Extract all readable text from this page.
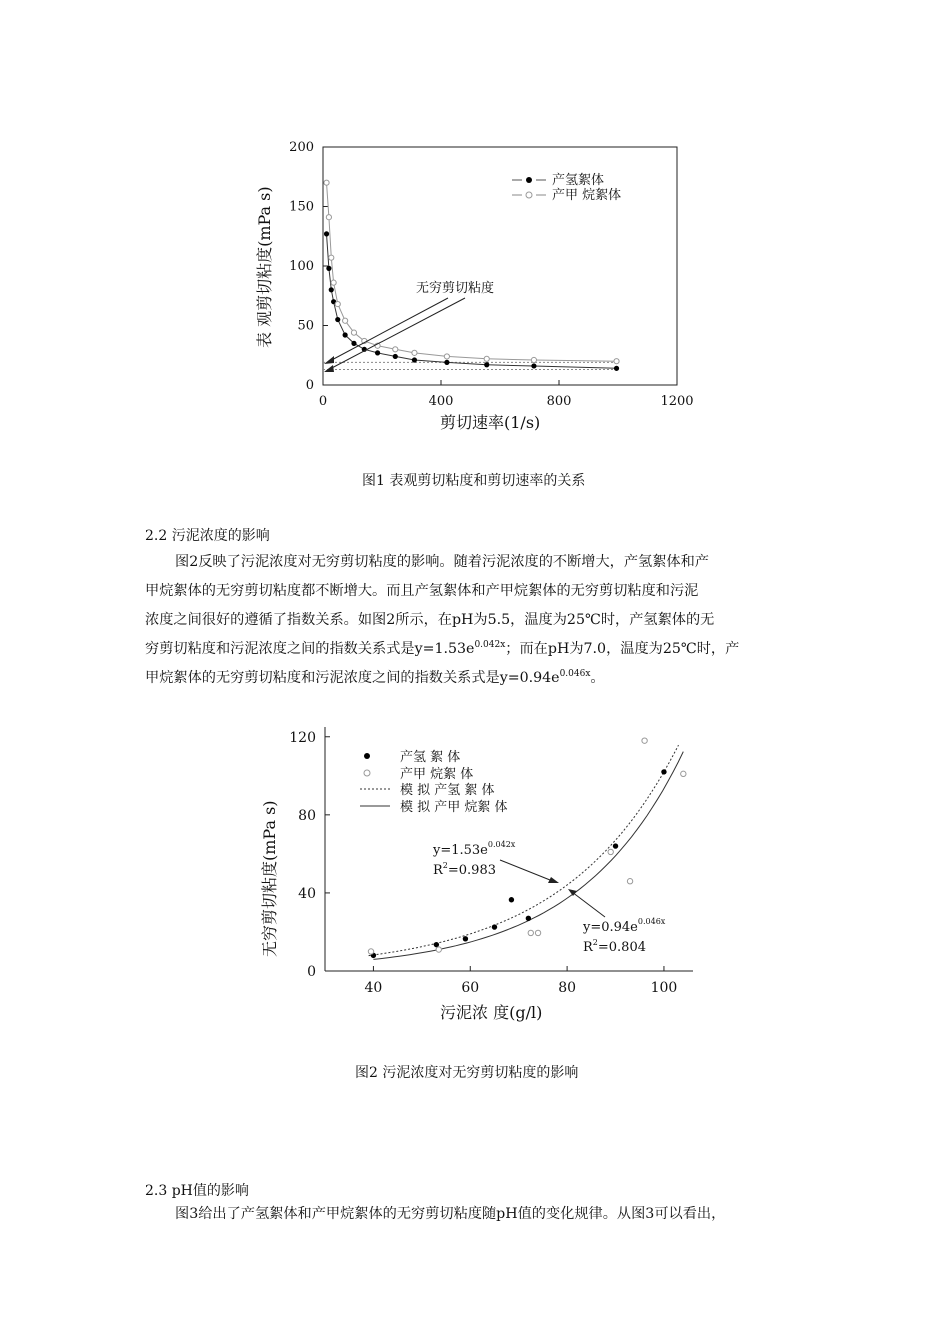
0	400	800	1200
0
50
100
150
200
产氢絮体
产甲 烷絮体
无穷剪切粘度
剪切速率(1/s)
表 观剪切粘度(mPa s)
图1 表观剪切粘度和剪切速率的关系
2.2 污泥浓度的影响

图2反映了污泥浓度对无穷剪切粘度的影响。随着污泥浓度的不断增大，产氢絮体和产

甲烷絮体的无穷剪切粘度都不断增大。而且产氢絮体和产甲烷絮体的无穷剪切粘度和污泥

浓度之间很好的遵循了指数关系。如图2所示，在pH为5.5，温度为25℃时，产氢絮体的无

穷剪切粘度和污泥浓度之间的指数关系式是$y=1.53e^{0.042x}$；而在pH为7.0，温度为25℃时，产

甲烷絮体的无穷剪切粘度和污泥浓度之间的指数关系式是$y=0.94e^{0.046x}$。

40	60	80	100
0
40
80
120
产氢 絮 体
产甲 烷絮 体
模 拟 产氢 絮 体
模 拟 产甲 烷絮 体
$y=1.53e^{0.042x}$
$R^2=0.983$
$y=0.94e^{0.046x}$
$R^2=0.804$
污泥浓 度(g/l)
无穷剪切粘度(mPa s)
图2 污泥浓度对无穷剪切粘度的影响
2.3 pH值的影响

图3给出了产氢絮体和产甲烷絮体的无穷剪切粘度随pH值的变化规律。从图3可以看出，
